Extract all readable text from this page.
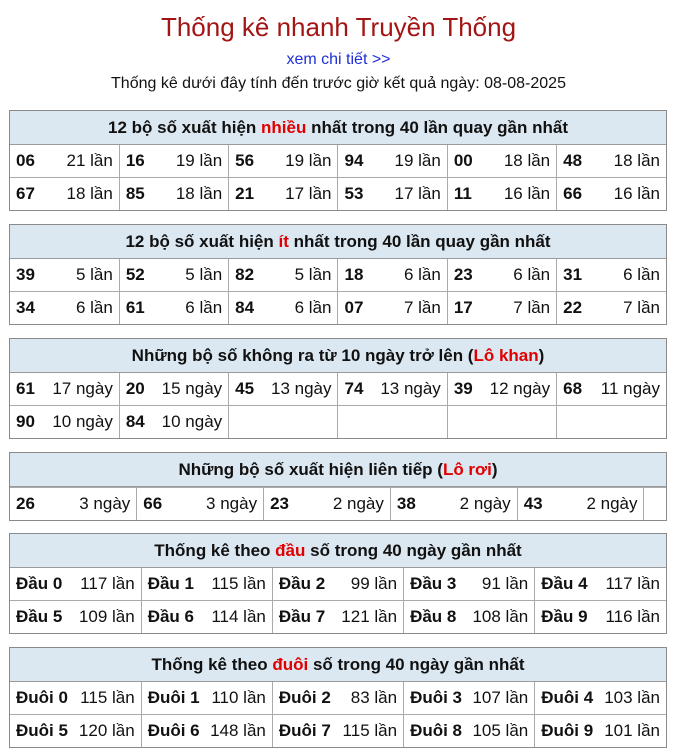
Thống kê nhanh Truyền Thống
xem chi tiết >>
Thống kê dưới đây tính đến trước giờ kết quả ngày: 08-08-2025
12 bộ số xuất hiện nhiều nhất trong 40 lần quay gần nhất
06 21 lần	16 19 lần	56 19 lần	94 19 lần	00 18 lần	48 18 lần

67 18 lần	85 18 lần	21 17 lần	53 17 lần	11 16 lần	66 16 lần
12 bộ số xuất hiện ít nhất trong 40 lần quay gần nhất
39 5 lần	52 5 lần	82 5 lần	18 6 lần	23 6 lần	31 6 lần

34 6 lần	61 6 lần	84 6 lần	07 7 lần	17 7 lần	22 7 lần
Những bộ số không ra từ 10 ngày trở lên (Lô khan)
61 17 ngày	20 15 ngày	45 13 ngày	74 13 ngày	39 12 ngày	68 11 ngày

90 10 ngày	84 10 ngày				

Những bộ số xuất hiện liên tiếp (Lô rơi)
26	3 ngày	66	3 ngày	23	2 ngày	38	2 ngày	43	2 ngày

Thống kê theo đầu số trong 40 ngày gần nhất
Đầu 0 117 lần	Đầu 1 115 lần	Đầu 2 99 lần	Đầu 3 91 lần	Đầu 4 117 lần

Đầu 5 109 lần	Đầu 6 114 lần	Đầu 7 121 lần	Đầu 8 108 lần	Đầu 9 116 lần
Thống kê theo đuôi số trong 40 ngày gần nhất
Đuôi 0 115 lần	Đuôi 1 110 lần	Đuôi 2 83 lần	Đuôi 3 107 lần	Đuôi 4 103 lần

Đuôi 5 120 lần	Đuôi 6 148 lần	Đuôi 7 115 lần	Đuôi 8 105 lần	Đuôi 9 101 lần
